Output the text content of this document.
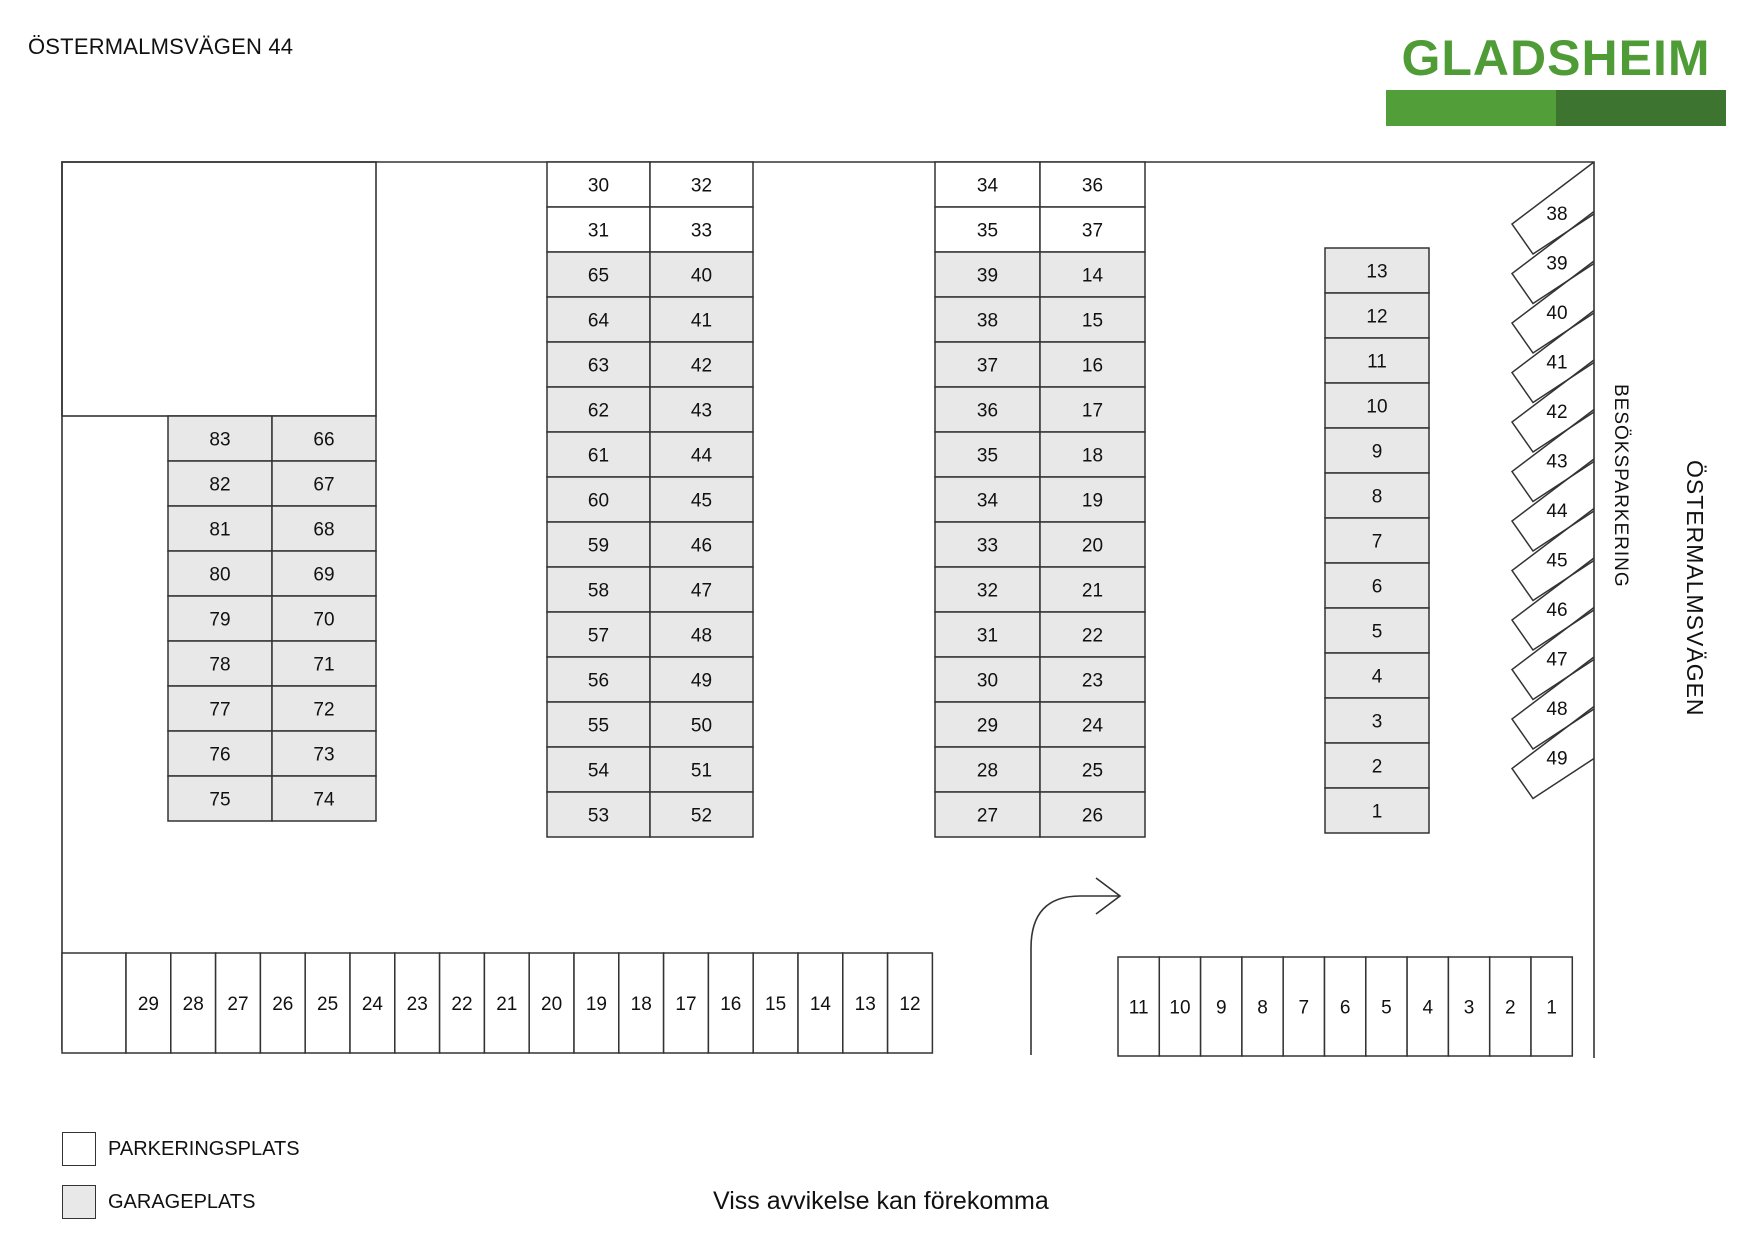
ÖSTERMALMSVÄGEN 44	GLADSHEIM
83	66
82	67
81	68
80	69
79	70
78	71
77	72
76	73
75	74
30	32
31	33
65	40
64	41
63	42
62	43
61	44
60	45
59	46
58	47
57	48
56	49
55	50
54	51
53	52
34	36
35	37
39	14
38	15
37	16
36	17
35	18
34	19
33	20
32	21
31	22
30	23
29	24
28	25
27	26
13
12
11
10
9
8
7
6
5
4
3
2
1
29 28 27 26 25 24 23 22 21 20 19 18 17 16 15 14 13 12	11 10 9 8 7 6 5 4 3 2 1
38
39
40
41
42
43
44
45
46
47
48
49
BESÖKSPARKERING ÖSTERMALMSVÄGEN
PARKERINGSPLATS
GARAGEPLATS	Viss avvikelse kan förekomma
